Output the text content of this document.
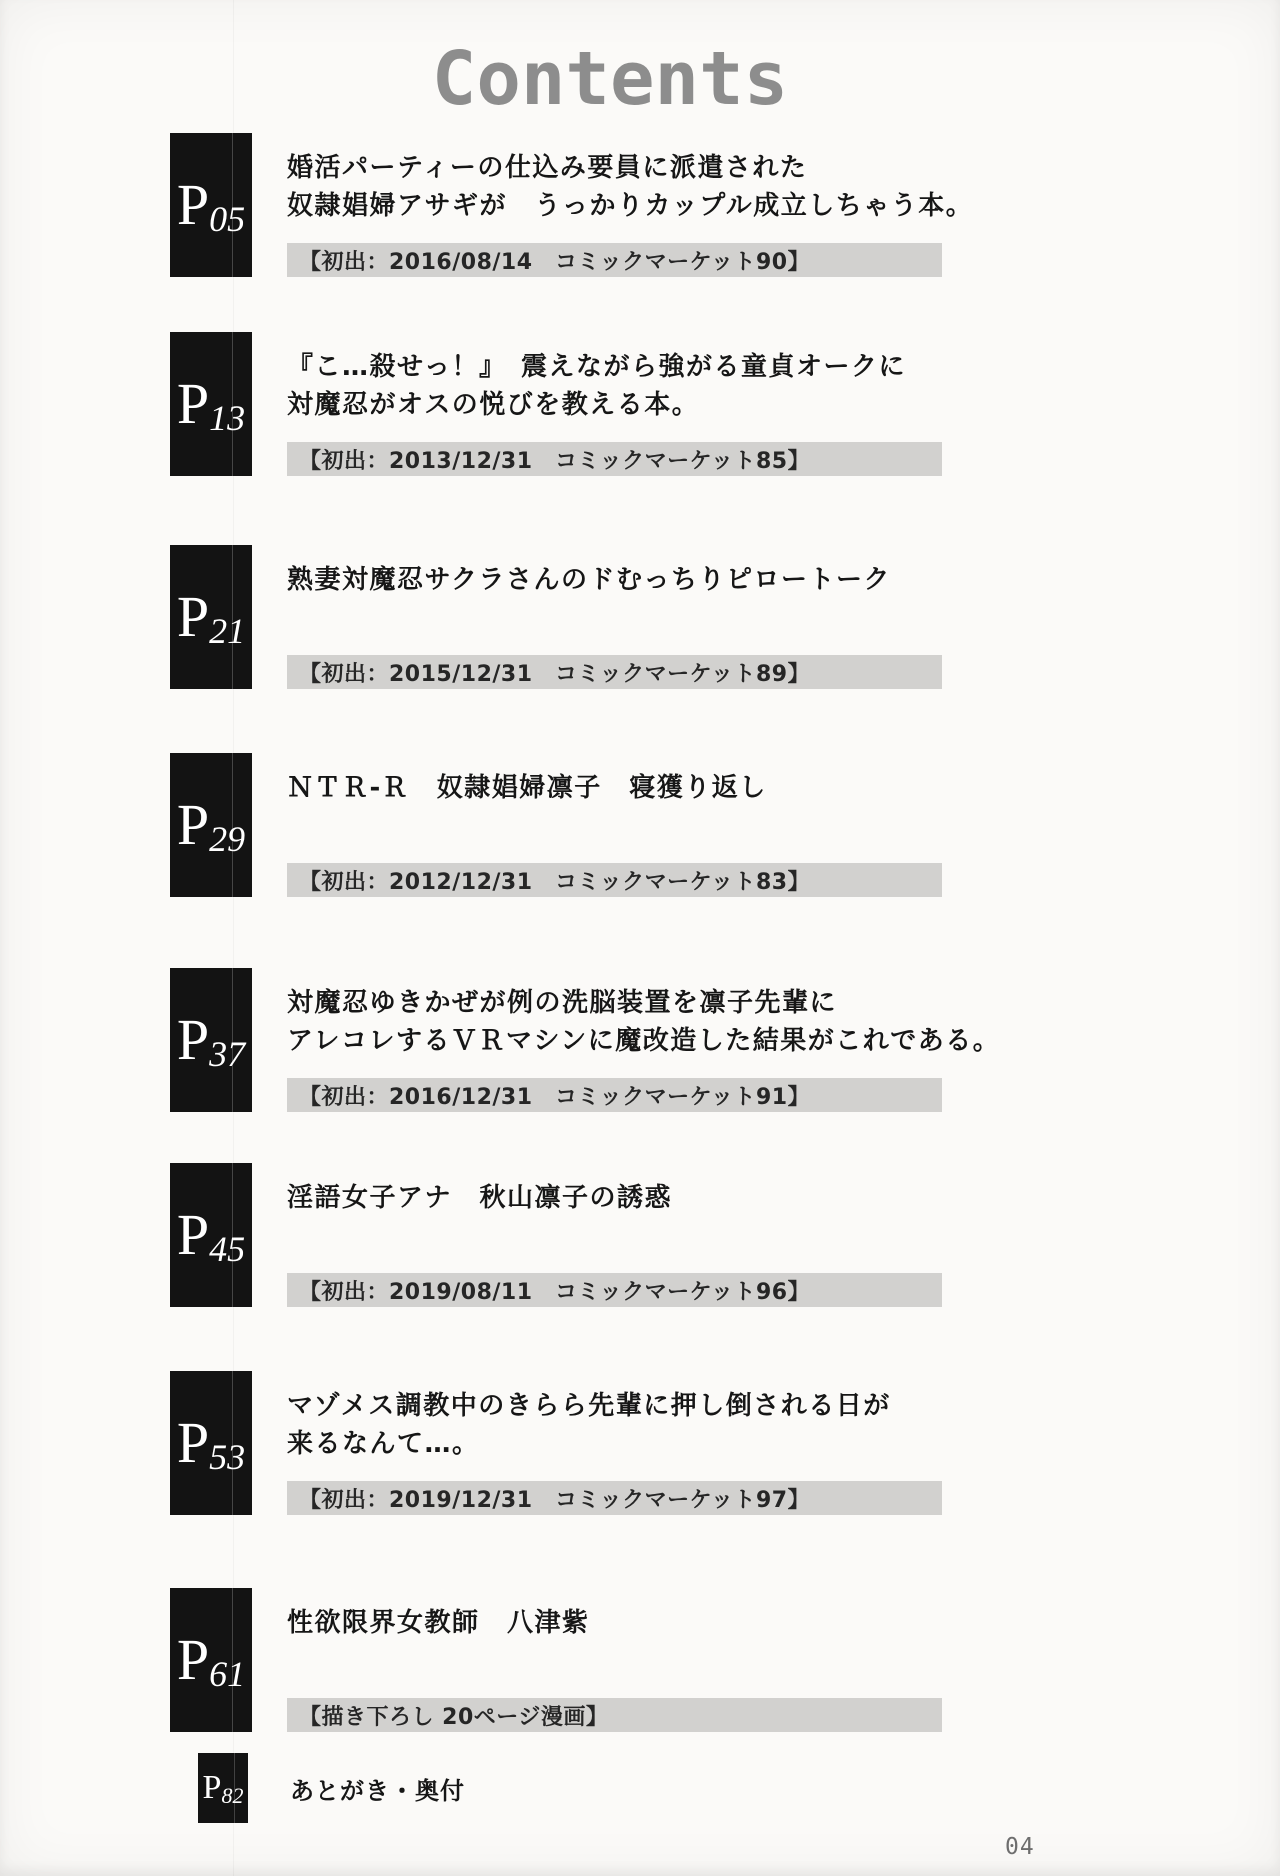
Contents
P 05
婚活パーティーの仕込み要員に派遣された
奴隷娼婦アサギが　うっかりカップル成立しちゃう本。
【初出：2016/08/14　コミックマーケット90】
P 13
『こ…殺せっ！』　震えながら強がる童貞オークに
対魔忍がオスの悦びを教える本。
【初出：2013/12/31　コミックマーケット85】
P 21
熟妻対魔忍サクラさんのドむっちりピロートーク
【初出：2015/12/31　コミックマーケット89】
P 29
ＮＴＲ-Ｒ　奴隷娼婦凛子　寝獲り返し
【初出：2012/12/31　コミックマーケット83】
P 37
対魔忍ゆきかぜが例の洗脳装置を凛子先輩に
アレコレするＶＲマシンに魔改造した結果がこれである。
【初出：2016/12/31　コミックマーケット91】
P 45
淫語女子アナ　秋山凛子の誘惑
【初出：2019/08/11　コミックマーケット96】
P 53
マゾメス調教中のきらら先輩に押し倒される日が
来るなんて…。
【初出：2019/12/31　コミックマーケット97】
P 61
性欲限界女教師　八津紫
【描き下ろし 20ページ漫画】
P 82 あとがき・奥付
04
